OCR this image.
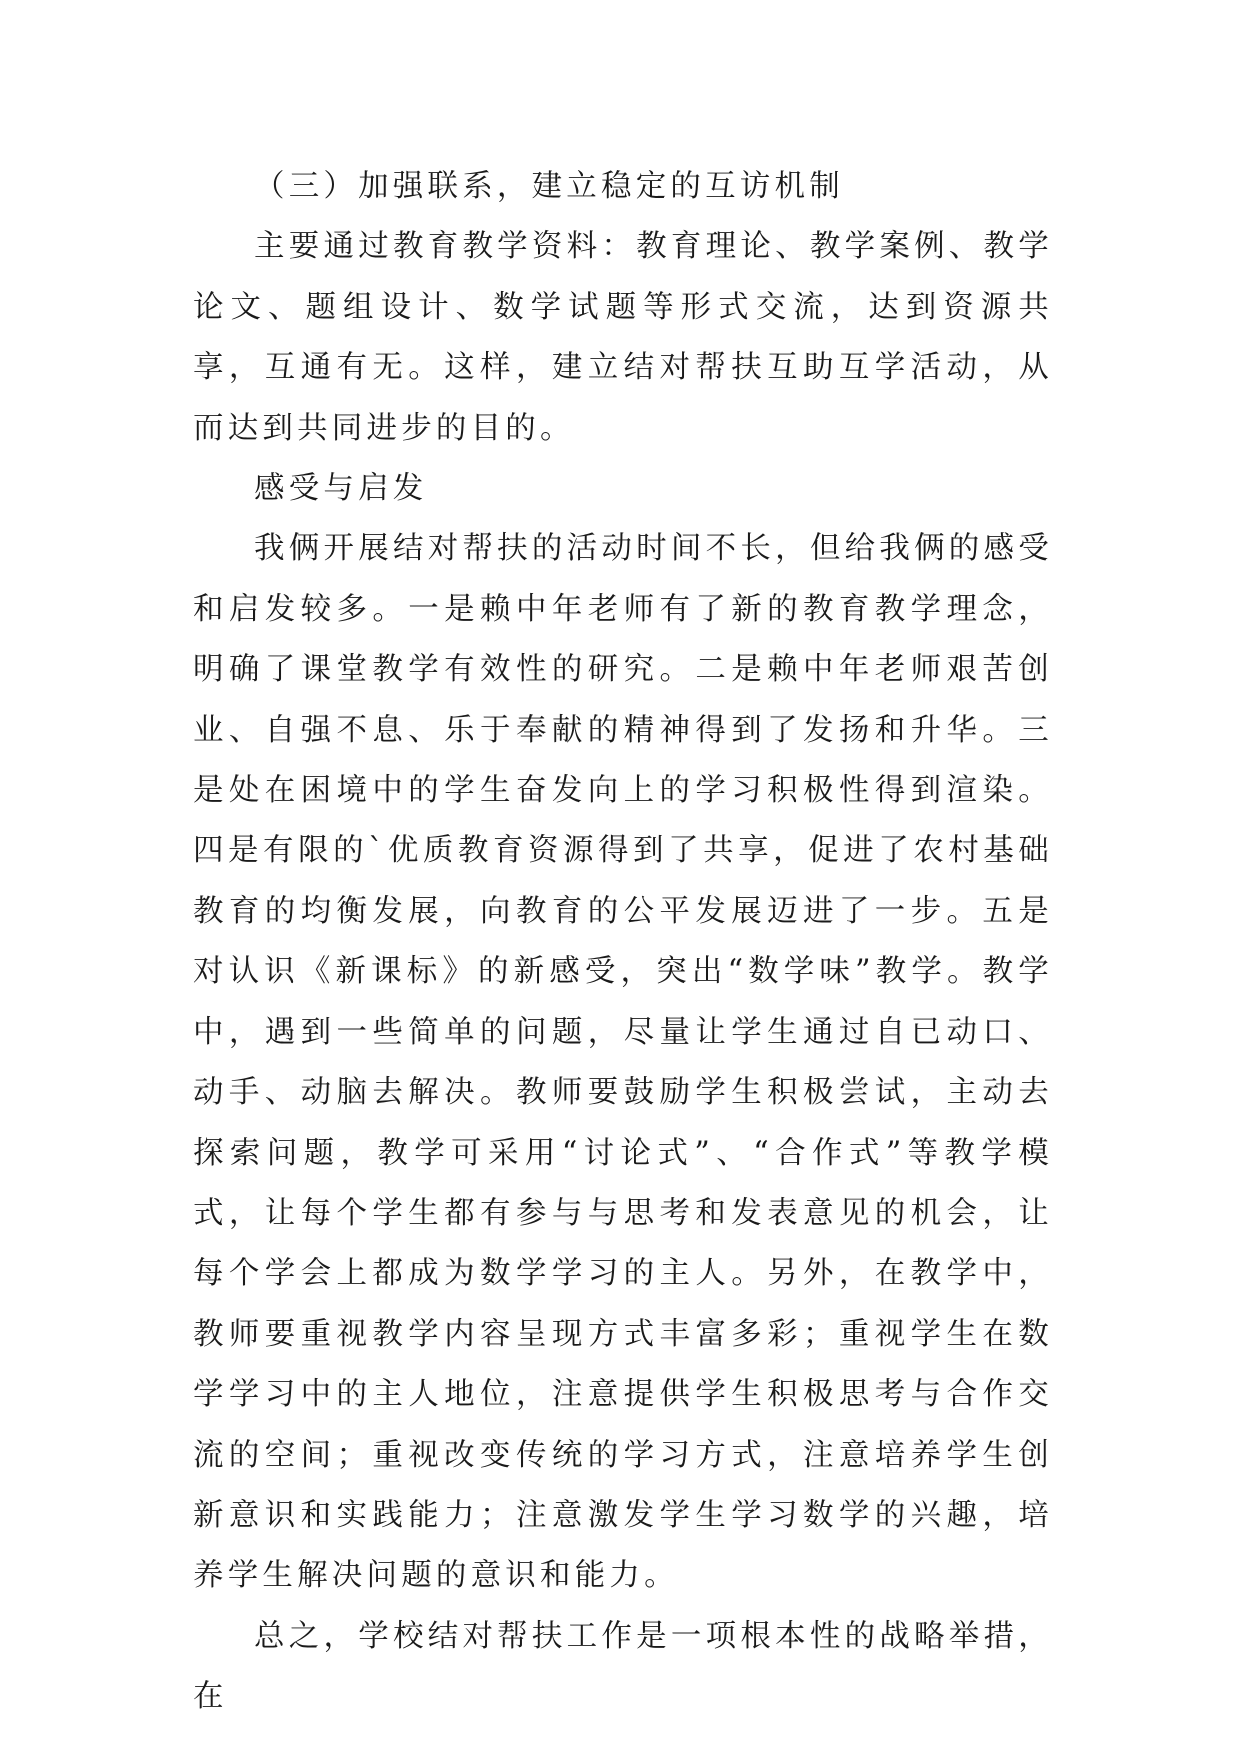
（三）加强联系，建立稳定的互访机制

主要通过教育教学资料：教育理论、教学案例、教学论文、题组设计、数学试题等形式交流，达到资源共享，互通有无。这样，建立结对帮扶互助互学活动，从而达到共同进步的目的。

感受与启发

我俩开展结对帮扶的活动时间不长，但给我俩的感受和启发较多。一是赖中年老师有了新的教育教学理念，明确了课堂教学有效性的研究。二是赖中年老师艰苦创业、自强不息、乐于奉献的精神得到了发扬和升华。三是处在困境中的学生奋发向上的学习积极性得到渲染。四是有限的`优质教育资源得到了共享，促进了农村基础教育的均衡发展，向教育的公平发展迈进了一步。五是对认识《新课标》的新感受，突出“数学味”教学。教学中，遇到一些简单的问题，尽量让学生通过自已动口、动手、动脑去解决。教师要鼓励学生积极尝试，主动去探索问题，教学可采用“讨论式”、“合作式”等教学模式，让每个学生都有参与与思考和发表意见的机会，让每个学会上都成为数学学习的主人。另外，在教学中，教师要重视教学内容呈现方式丰富多彩；重视学生在数学学习中的主人地位，注意提供学生积极思考与合作交流的空间；重视改变传统的学习方式，注意培养学生创新意识和实践能力；注意激发学生学习数学的兴趣，培养学生解决问题的意识和能力。

总之，学校结对帮扶工作是一项根本性的战略举措，在
